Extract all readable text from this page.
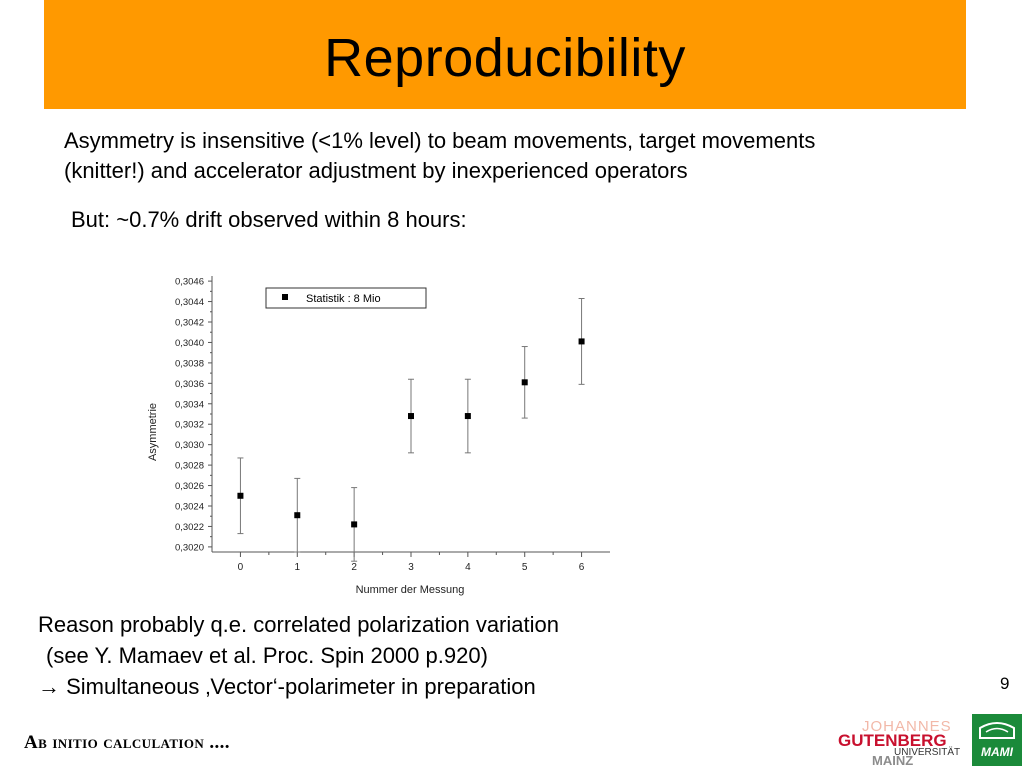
Reproducibility
Asymmetry is insensitive (<1% level) to beam movements, target movements
(knitter!) and accelerator adjustment by inexperienced operators
But: ~0.7% drift observed within 8 hours:
Asymmetrie
Nummer der Messung
0,3020
0,3022
0,3024
0,3026
0,3028
0,3030
0,3032
0,3034
0,3036
0,3038
0,3040
0,3042
0,3044
0,3046
0	1	2	3	4	5	6
Statistik : 8 Mio
Reason probably q.e. correlated polarization variation
(see Y. Mamaev et al. Proc. Spin 2000 p.920)
→ Simultaneous ‚Vector‘-polarimeter in preparation	9
Ab initio calculation ....
JOHANNES
GUTENBERG
UNIVERSITÄT
MAINZ
MAMI
